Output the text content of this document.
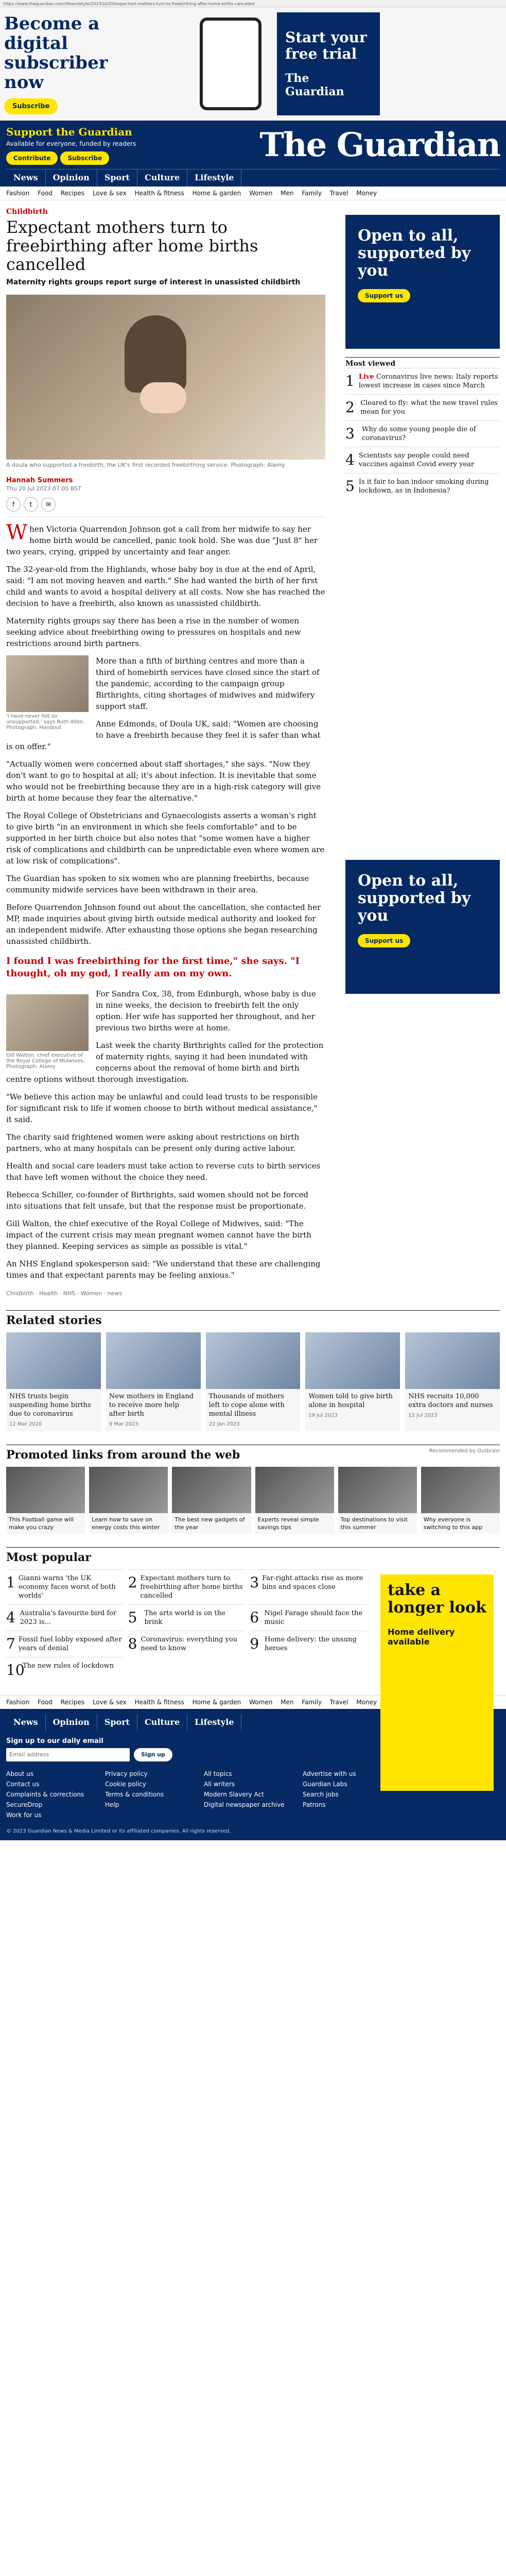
https://www.theguardian.com/lifeandstyle/2023/jul/20/expectant-mothers-turn-to-freebirthing-after-home-births-cancelled
Become a digital subscriber now
Subscribe
Start your free trial
The Guardian
Support the Guardian

Available for everyone, funded by readers

Contribute	Subscribe	The Guardian
News	Opinion	Sport	Culture	Lifestyle
Fashion Food Recipes Love & sex Health & fitness Home & garden Women Men Family Travel Money
Childbirth
Expectant mothers turn to freebirthing after home births cancelled
Maternity rights groups report surge of interest in unassisted childbirth
A doula who supported a freebirth, the UK's first recorded freebirthing service. Photograph: Alamy
Hannah Summers
Thu 20 Jul 2023 07.00 BST
f	t	✉

When Victoria Quarrendon Johnson got a call from her midwife to say her home birth would be cancelled, panic took hold. She was due "Just 8" her two years, crying, gripped by uncertainty and fear anger.

The 32-year-old from the Highlands, whose baby boy is due at the end of April, said: "I am not moving heaven and earth." She had wanted the birth of her first child and wants to avoid a hospital delivery at all costs. Now she has reached the decision to have a freebirth, also known as unassisted childbirth.

Maternity rights groups say there has been a rise in the number of women seeking advice about freebirthing owing to pressures on hospitals and new restrictions around birth partners.

'I have never felt so unsupported,' says Ruth Allen. Photograph: Handout

More than a fifth of birthing centres and more than a third of homebirth services have closed since the start of the pandemic, according to the campaign group Birthrights, citing shortages of midwives and midwifery support staff.

Anne Edmonds, of Doula UK, said: "Women are choosing to have a freebirth because they feel it is safer than what is on offer."

"Actually women were concerned about staff shortages," she says. "Now they don't want to go to hospital at all; it's about infection. It is inevitable that some who would not be freebirthing because they are in a high-risk category will give birth at home because they fear the alternative."

The Royal College of Obstetricians and Gynaecologists asserts a woman's right to give birth "in an environment in which she feels comfortable" and to be supported in her birth choice but also notes that "some women have a higher risk of complications and childbirth can be unpredictable even where women are at low risk of complications".

The Guardian has spoken to six women who are planning freebirths, because community midwife services have been withdrawn in their area.

Before Quarrendon Johnson found out about the cancellation, she contacted her MP, made inquiries about giving birth outside medical authority and looked for an independent midwife. After exhausting those options she began researching unassisted childbirth.

I found I was freebirthing for the first time," she says. "I thought, oh my god, I really am on my own.
Gill Walton, chief executive of the Royal College of Midwives. Photograph: Alamy

For Sandra Cox, 38, from Edinburgh, whose baby is due in nine weeks, the decision to freebirth felt the only option. Her wife has supported her throughout, and her previous two births were at home.

Last week the charity Birthrights called for the protection of maternity rights, saying it had been inundated with concerns about the removal of home birth and birth centre options without thorough investigation.

"We believe this action may be unlawful and could lead trusts to be responsible for significant risk to life if women choose to birth without medical assistance," it said.

The charity said frightened women were asking about restrictions on birth partners, who at many hospitals can be present only during active labour.

Health and social care leaders must take action to reverse cuts to birth services that have left women without the choice they need.

Rebecca Schiller, co-founder of Birthrights, said women should not be forced into situations that felt unsafe, but that the response must be proportionate.

Gill Walton, the chief executive of the Royal College of Midwives, said: "The impact of the current crisis may mean pregnant women cannot have the birth they planned. Keeping services as simple as possible is vital."

An NHS England spokesperson said: "We understand that these are challenging times and that expectant parents may be feeling anxious."

Childbirth · Health · NHS · Women · news
Open to all, supported by you
Support us
Most viewed
1 Live Coronavirus live news: Italy reports lowest increase in cases since March
2 Cleared to fly: what the new travel rules mean for you
3	Why do some young people die of coronavirus?
4 Scientists say people could need vaccines against Covid every year
5 Is it fair to ban indoor smoking during lockdown, as in Indonesia?
Open to all, supported by you
Support us
Related stories
NHS trusts begin suspending home births due to coronavirus
12 Mar 2020
New mothers in England to receive more help after birth
9 Mar 2023
Thousands of mothers left to cope alone with mental illness
22 Jan 2023
Women told to give birth alone in hospital
19 Jul 2023
NHS recruits 10,000 extra doctors and nurses
12 Jul 2023
Promoted links from around the web	Recommended by Outbrain
This Football game will make you crazy
Learn how to save on energy costs this winter
The best new gadgets of the year
Experts reveal simple savings tips
Top destinations to visit this summer
Why everyone is switching to this app
Most popular
take a longer look
Home delivery available
1 Gianni warns 'the UK economy faces worst of both worlds'
2 Expectant mothers turn to freebirthing after home births cancelled
3 Far-right attacks rise as more bins and spaces close
4 Australia's favourite bird for 2023 is...	5	The arts world is on the brink	6 Nigel Farage should face the music
7 Fossil fuel lobby exposed after years of denial	8 Coronavirus: everything you need to know	9 Home delivery: the unsung heroes
10
The new rules of lockdown
Fashion Food Recipes Love & sex Health & fitness Home & garden Women Men Family Travel Money
News	Opinion	Sport	Culture	Lifestyle
Sign up to our daily email
Email address	Sign up
About us
Contact us
Complaints & corrections
SecureDrop
Work for us
Privacy policy
Cookie policy
Terms & conditions
Help
All topics
All writers
Modern Slavery Act
Digital newspaper archive
Advertise with us
Guardian Labs
Search jobs
Patrons
© 2023 Guardian News & Media Limited or its affiliated companies. All rights reserved.
